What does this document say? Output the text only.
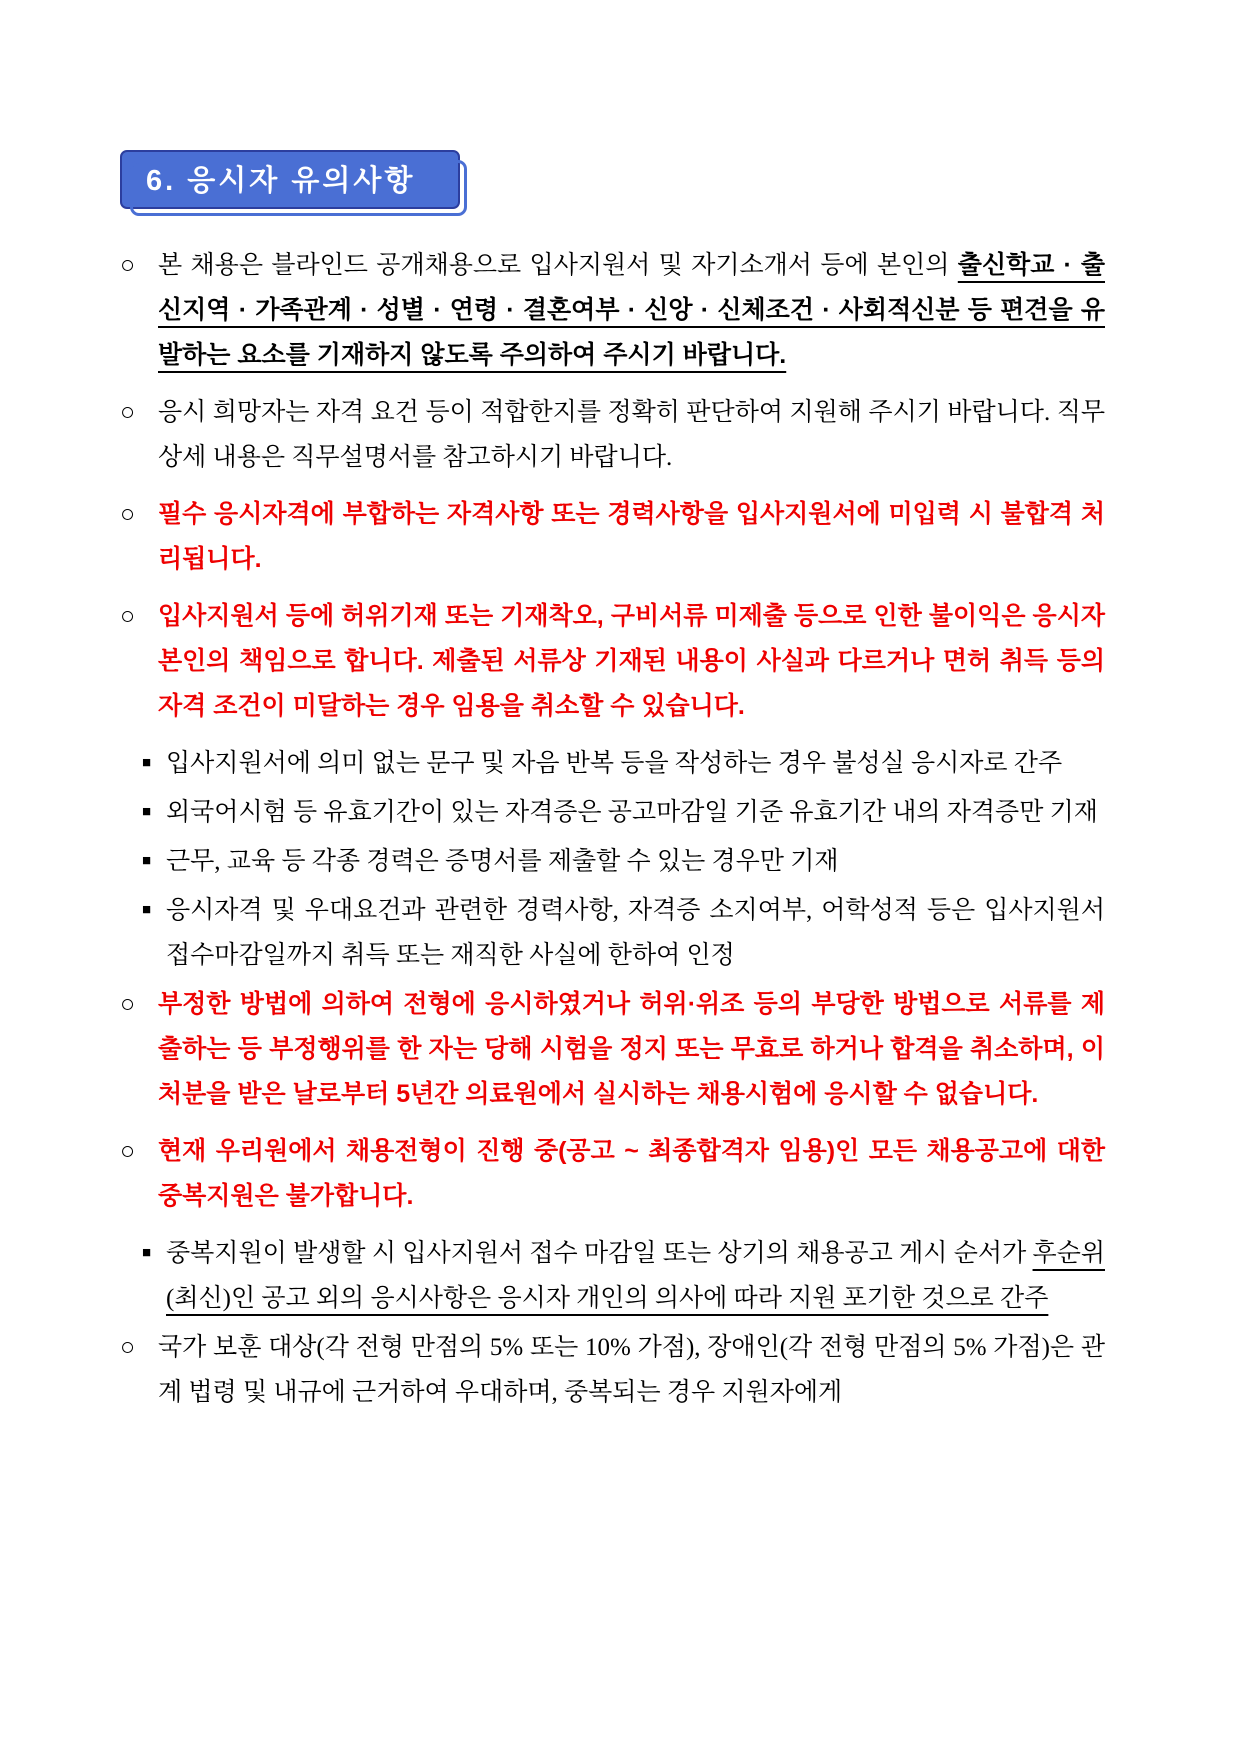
6. 응시자 유의사항
○ 본 채용은 블라인드 공개채용으로 입사지원서 및 자기소개서 등에 본인의 출신학교 · 출신지역 · 가족관계 · 성별 · 연령 · 결혼여부 · 신앙 · 신체조건 · 사회적신분 등 편견을 유발하는 요소를 기재하지 않도록 주의하여 주시기 바랍니다.
○ 응시 희망자는 자격 요건 등이 적합한지를 정확히 판단하여 지원해 주시기 바랍니다. 직무 상세 내용은 직무설명서를 참고하시기 바랍니다.
○ 필수 응시자격에 부합하는 자격사항 또는 경력사항을 입사지원서에 미입력 시 불합격 처리됩니다.
○ 입사지원서 등에 허위기재 또는 기재착오, 구비서류 미제출 등으로 인한 불이익은 응시자 본인의 책임으로 합니다. 제출된 서류상 기재된 내용이 사실과 다르거나 면허 취득 등의 자격 조건이 미달하는 경우 임용을 취소할 수 있습니다.
■ 입사지원서에 의미 없는 문구 및 자음 반복 등을 작성하는 경우 불성실 응시자로 간주
■ 외국어시험 등 유효기간이 있는 자격증은 공고마감일 기준 유효기간 내의 자격증만 기재
■ 근무, 교육 등 각종 경력은 증명서를 제출할 수 있는 경우만 기재
■ 응시자격 및 우대요건과 관련한 경력사항, 자격증 소지여부, 어학성적 등은 입사지원서 접수마감일까지 취득 또는 재직한 사실에 한하여 인정
○ 부정한 방법에 의하여 전형에 응시하였거나 허위·위조 등의 부당한 방법으로 서류를 제출하는 등 부정행위를 한 자는 당해 시험을 정지 또는 무효로 하거나 합격을 취소하며, 이 처분을 받은 날로부터 5년간 의료원에서 실시하는 채용시험에 응시할 수 없습니다.
○ 현재 우리원에서 채용전형이 진행 중(공고 ~ 최종합격자 임용)인 모든 채용공고에 대한 중복지원은 불가합니다.
■ 중복지원이 발생할 시 입사지원서 접수 마감일 또는 상기의 채용공고 게시 순서가 후순위(최신)인 공고 외의 응시사항은 응시자 개인의 의사에 따라 지원 포기한 것으로 간주
○ 국가 보훈 대상(각 전형 만점의 5% 또는 10% 가점), 장애인(각 전형 만점의 5% 가점)은 관계 법령 및 내규에 근거하여 우대하며, 중복되는 경우 지원자에게
